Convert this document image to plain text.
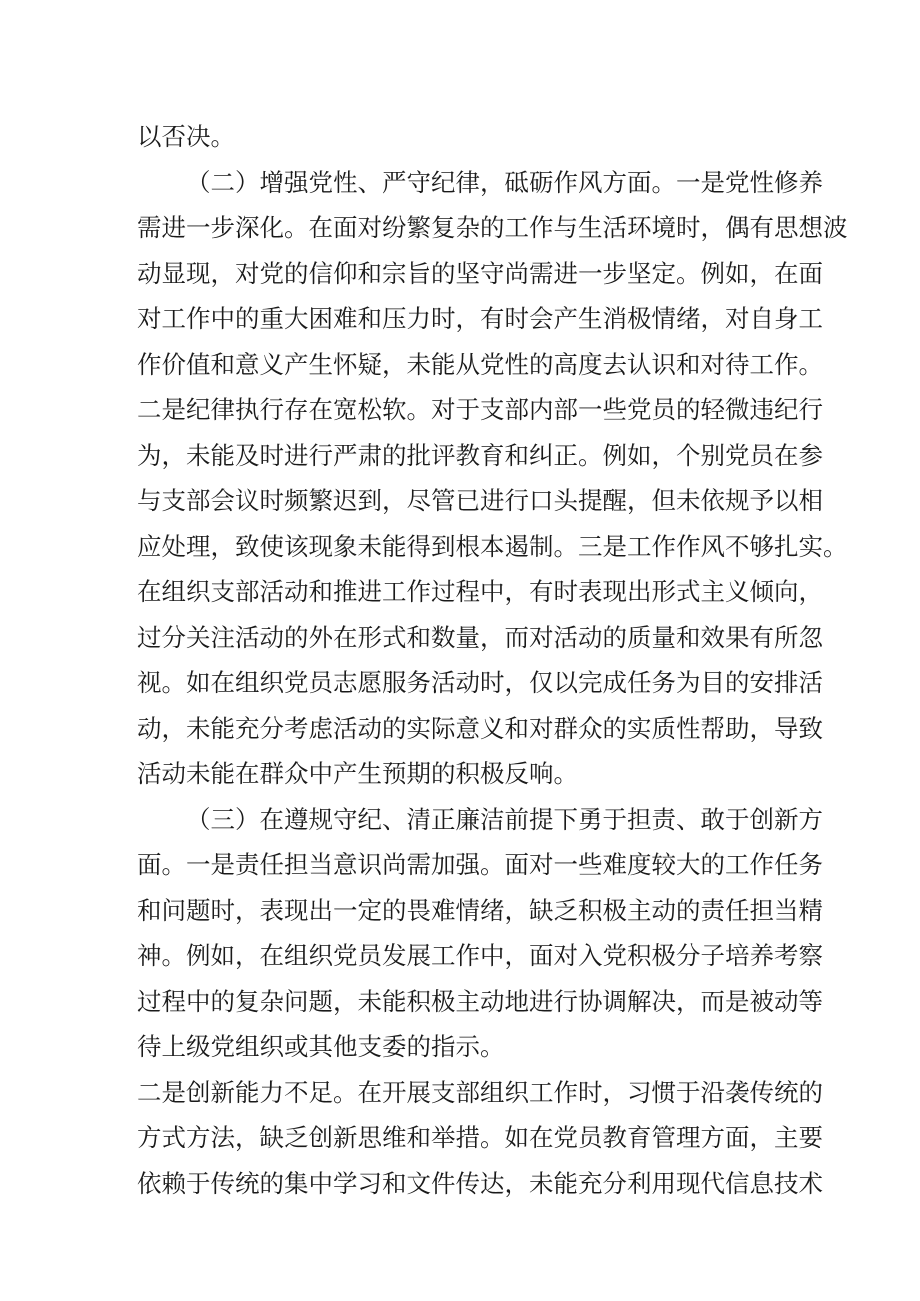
以否决。
（二）增强党性、严守纪律，砥砺作风方面。一是党性修养
需进一步深化。在面对纷繁复杂的工作与生活环境时，偶有思想波
动显现，对党的信仰和宗旨的坚守尚需进一步坚定。例如，在面
对工作中的重大困难和压力时，有时会产生消极情绪，对自身工
作价值和意义产生怀疑，未能从党性的高度去认识和对待工作。
二是纪律执行存在宽松软。对于支部内部一些党员的轻微违纪行
为，未能及时进行严肃的批评教育和纠正。例如，个别党员在参
与支部会议时频繁迟到，尽管已进行口头提醒，但未依规予以相
应处理，致使该现象未能得到根本遏制。三是工作作风不够扎实。
在组织支部活动和推进工作过程中，有时表现出形式主义倾向，
过分关注活动的外在形式和数量，而对活动的质量和效果有所忽
视。如在组织党员志愿服务活动时，仅以完成任务为目的安排活
动，未能充分考虑活动的实际意义和对群众的实质性帮助，导致
活动未能在群众中产生预期的积极反响。
（三）在遵规守纪、清正廉洁前提下勇于担责、敢于创新方
面。一是责任担当意识尚需加强。面对一些难度较大的工作任务
和问题时，表现出一定的畏难情绪，缺乏积极主动的责任担当精
神。例如，在组织党员发展工作中，面对入党积极分子培养考察
过程中的复杂问题，未能积极主动地进行协调解决，而是被动等
待上级党组织或其他支委的指示。
二是创新能力不足。在开展支部组织工作时，习惯于沿袭传统的
方式方法，缺乏创新思维和举措。如在党员教育管理方面，主要
依赖于传统的集中学习和文件传达，未能充分利用现代信息技术
